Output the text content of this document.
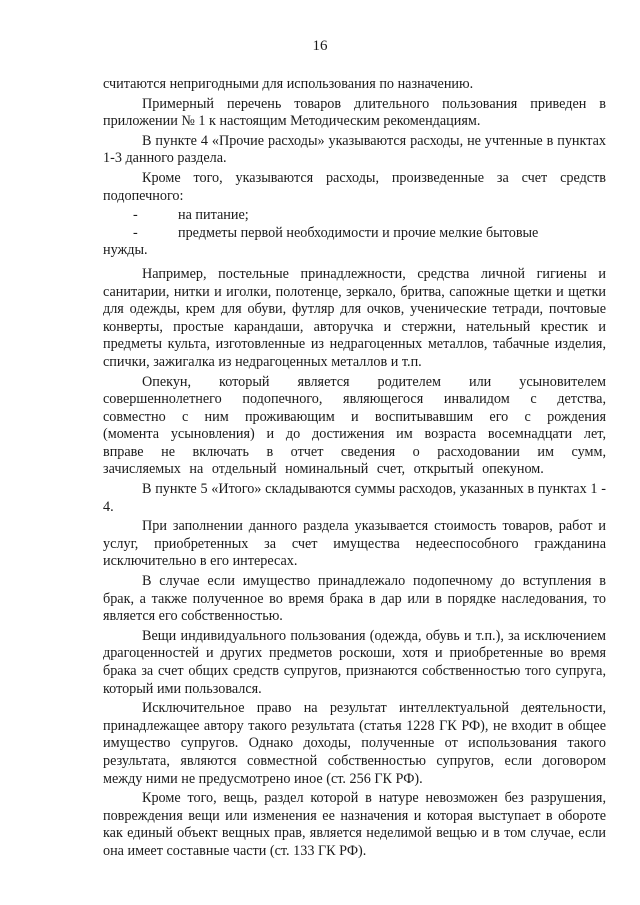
16

считаются непригодными для использования по назначению.

Примерный перечень товаров длительного пользования приведен в приложении № 1 к настоящим Методическим рекомендациям.

В пункте 4 «Прочие расходы» указываются расходы, не учтенные в пунктах 1-3 данного раздела.

Кроме того, указываются расходы, произведенные за счет средств подопечного:

-	на питание;
-	предметы первой необходимости и прочие мелкие бытовые
нужды.

Например, постельные принадлежности, средства личной гигиены и санитарии, нитки и иголки, полотенце, зеркало, бритва, сапожные щетки и щетки для одежды, крем для обуви, футляр для очков, ученические тетради, почтовые конверты, простые карандаши, авторучка и стержни, нательный крестик и предметы культа, изготовленные из недрагоценных металлов, табачные изделия, спички, зажигалка из недрагоценных металлов и т.п.

Опекун, который является родителем или усыновителем совершеннолетнего подопечного, являющегося инвалидом с детства, совместно с ним проживающим и воспитывавшим его с рождения (момента усыновления) и до достижения им возраста восемнадцати лет, вправе не включать в отчет сведения о расходовании им сумм, зачисляемых на отдельный номинальный счет, открытый опекуном.

В пункте 5 «Итого» складываются суммы расходов, указанных в пунктах 1 - 4.

При заполнении данного раздела указывается стоимость товаров, работ и услуг, приобретенных за счет имущества недееспособного гражданина исключительно в его интересах.

В случае если имущество принадлежало подопечному до вступления в брак, а также полученное во время брака в дар или в порядке наследования, то является его собственностью.

Вещи индивидуального пользования (одежда, обувь и т.п.), за исключением драгоценностей и других предметов роскоши, хотя и приобретенные во время брака за счет общих средств супругов, признаются собственностью того супруга, который ими пользовался.

Исключительное право на результат интеллектуальной деятельности, принадлежащее автору такого результата (статья 1228 ГК РФ), не входит в общее имущество супругов. Однако доходы, полученные от использования такого результата, являются совместной собственностью супругов, если договором между ними не предусмотрено иное (ст. 256 ГК РФ).

Кроме того, вещь, раздел которой в натуре невозможен без разрушения, повреждения вещи или изменения ее назначения и которая выступает в обороте как единый объект вещных прав, является неделимой вещью и в том случае, если она имеет составные части (ст. 133 ГК РФ).
